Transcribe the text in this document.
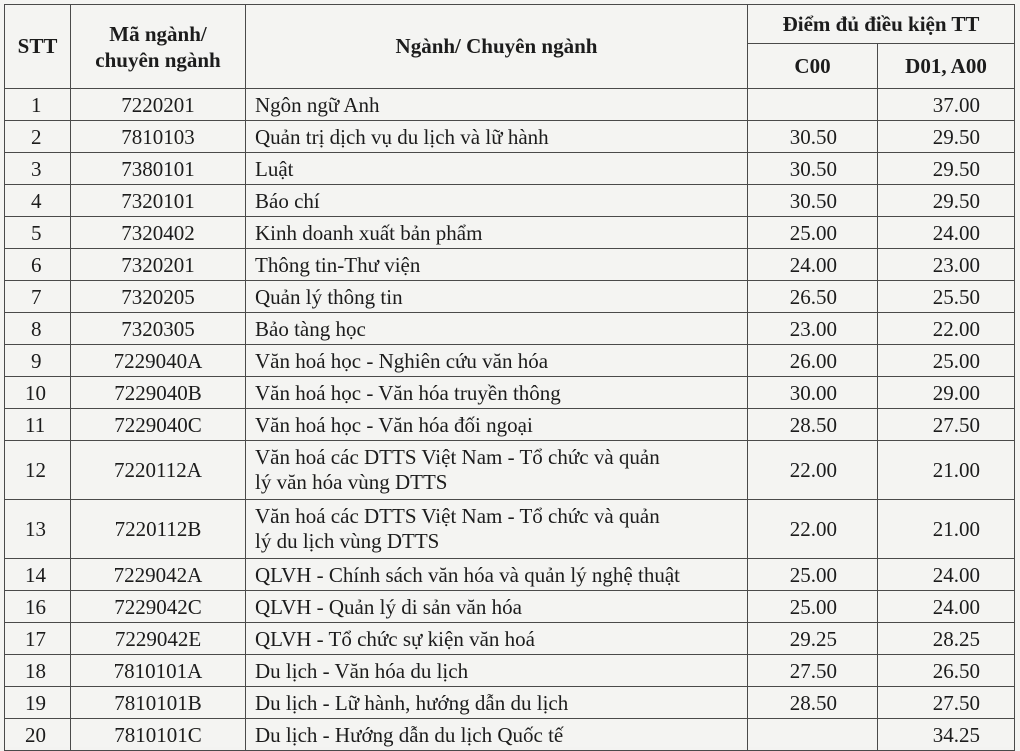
STT	Mã ngành/ chuyên ngành	Ngành/ Chuyên ngành	Điểm đủ điều kiện TT	
			C00	D01, A00
1	7220201	Ngôn ngữ Anh		37.00
2	7810103	Quản trị dịch vụ du lịch và lữ hành	30.50	29.50
3	7380101	Luật	30.50	29.50
4	7320101	Báo chí	30.50	29.50
5	7320402	Kinh doanh xuất bản phẩm	25.00	24.00
6	7320201	Thông tin-Thư viện	24.00	23.00
7	7320205	Quản lý thông tin	26.50	25.50
8	7320305	Bảo tàng học	23.00	22.00
9	7229040A	Văn hoá học - Nghiên cứu văn hóa	26.00	25.00
10	7229040B	Văn hoá học - Văn hóa truyền thông	30.00	29.00
11	7229040C	Văn hoá học - Văn hóa đối ngoại	28.50	27.50
12	7220112A	Văn hoá các DTTS Việt Nam - Tổ chức và quản
lý văn hóa vùng DTTS	22.00	21.00
13	7220112B	Văn hoá các DTTS Việt Nam - Tổ chức và quản
lý du lịch vùng DTTS	22.00	21.00
14	7229042A	QLVH - Chính sách văn hóa và quản lý nghệ thuật	25.00	24.00
16	7229042C	QLVH - Quản lý di sản văn hóa	25.00	24.00
17	7229042E	QLVH - Tổ chức sự kiện văn hoá	29.25	28.25
18	7810101A	Du lịch - Văn hóa du lịch	27.50	26.50
19	7810101B	Du lịch - Lữ hành, hướng dẫn du lịch	28.50	27.50
20	7810101C	Du lịch - Hướng dẫn du lịch Quốc tế		34.25
